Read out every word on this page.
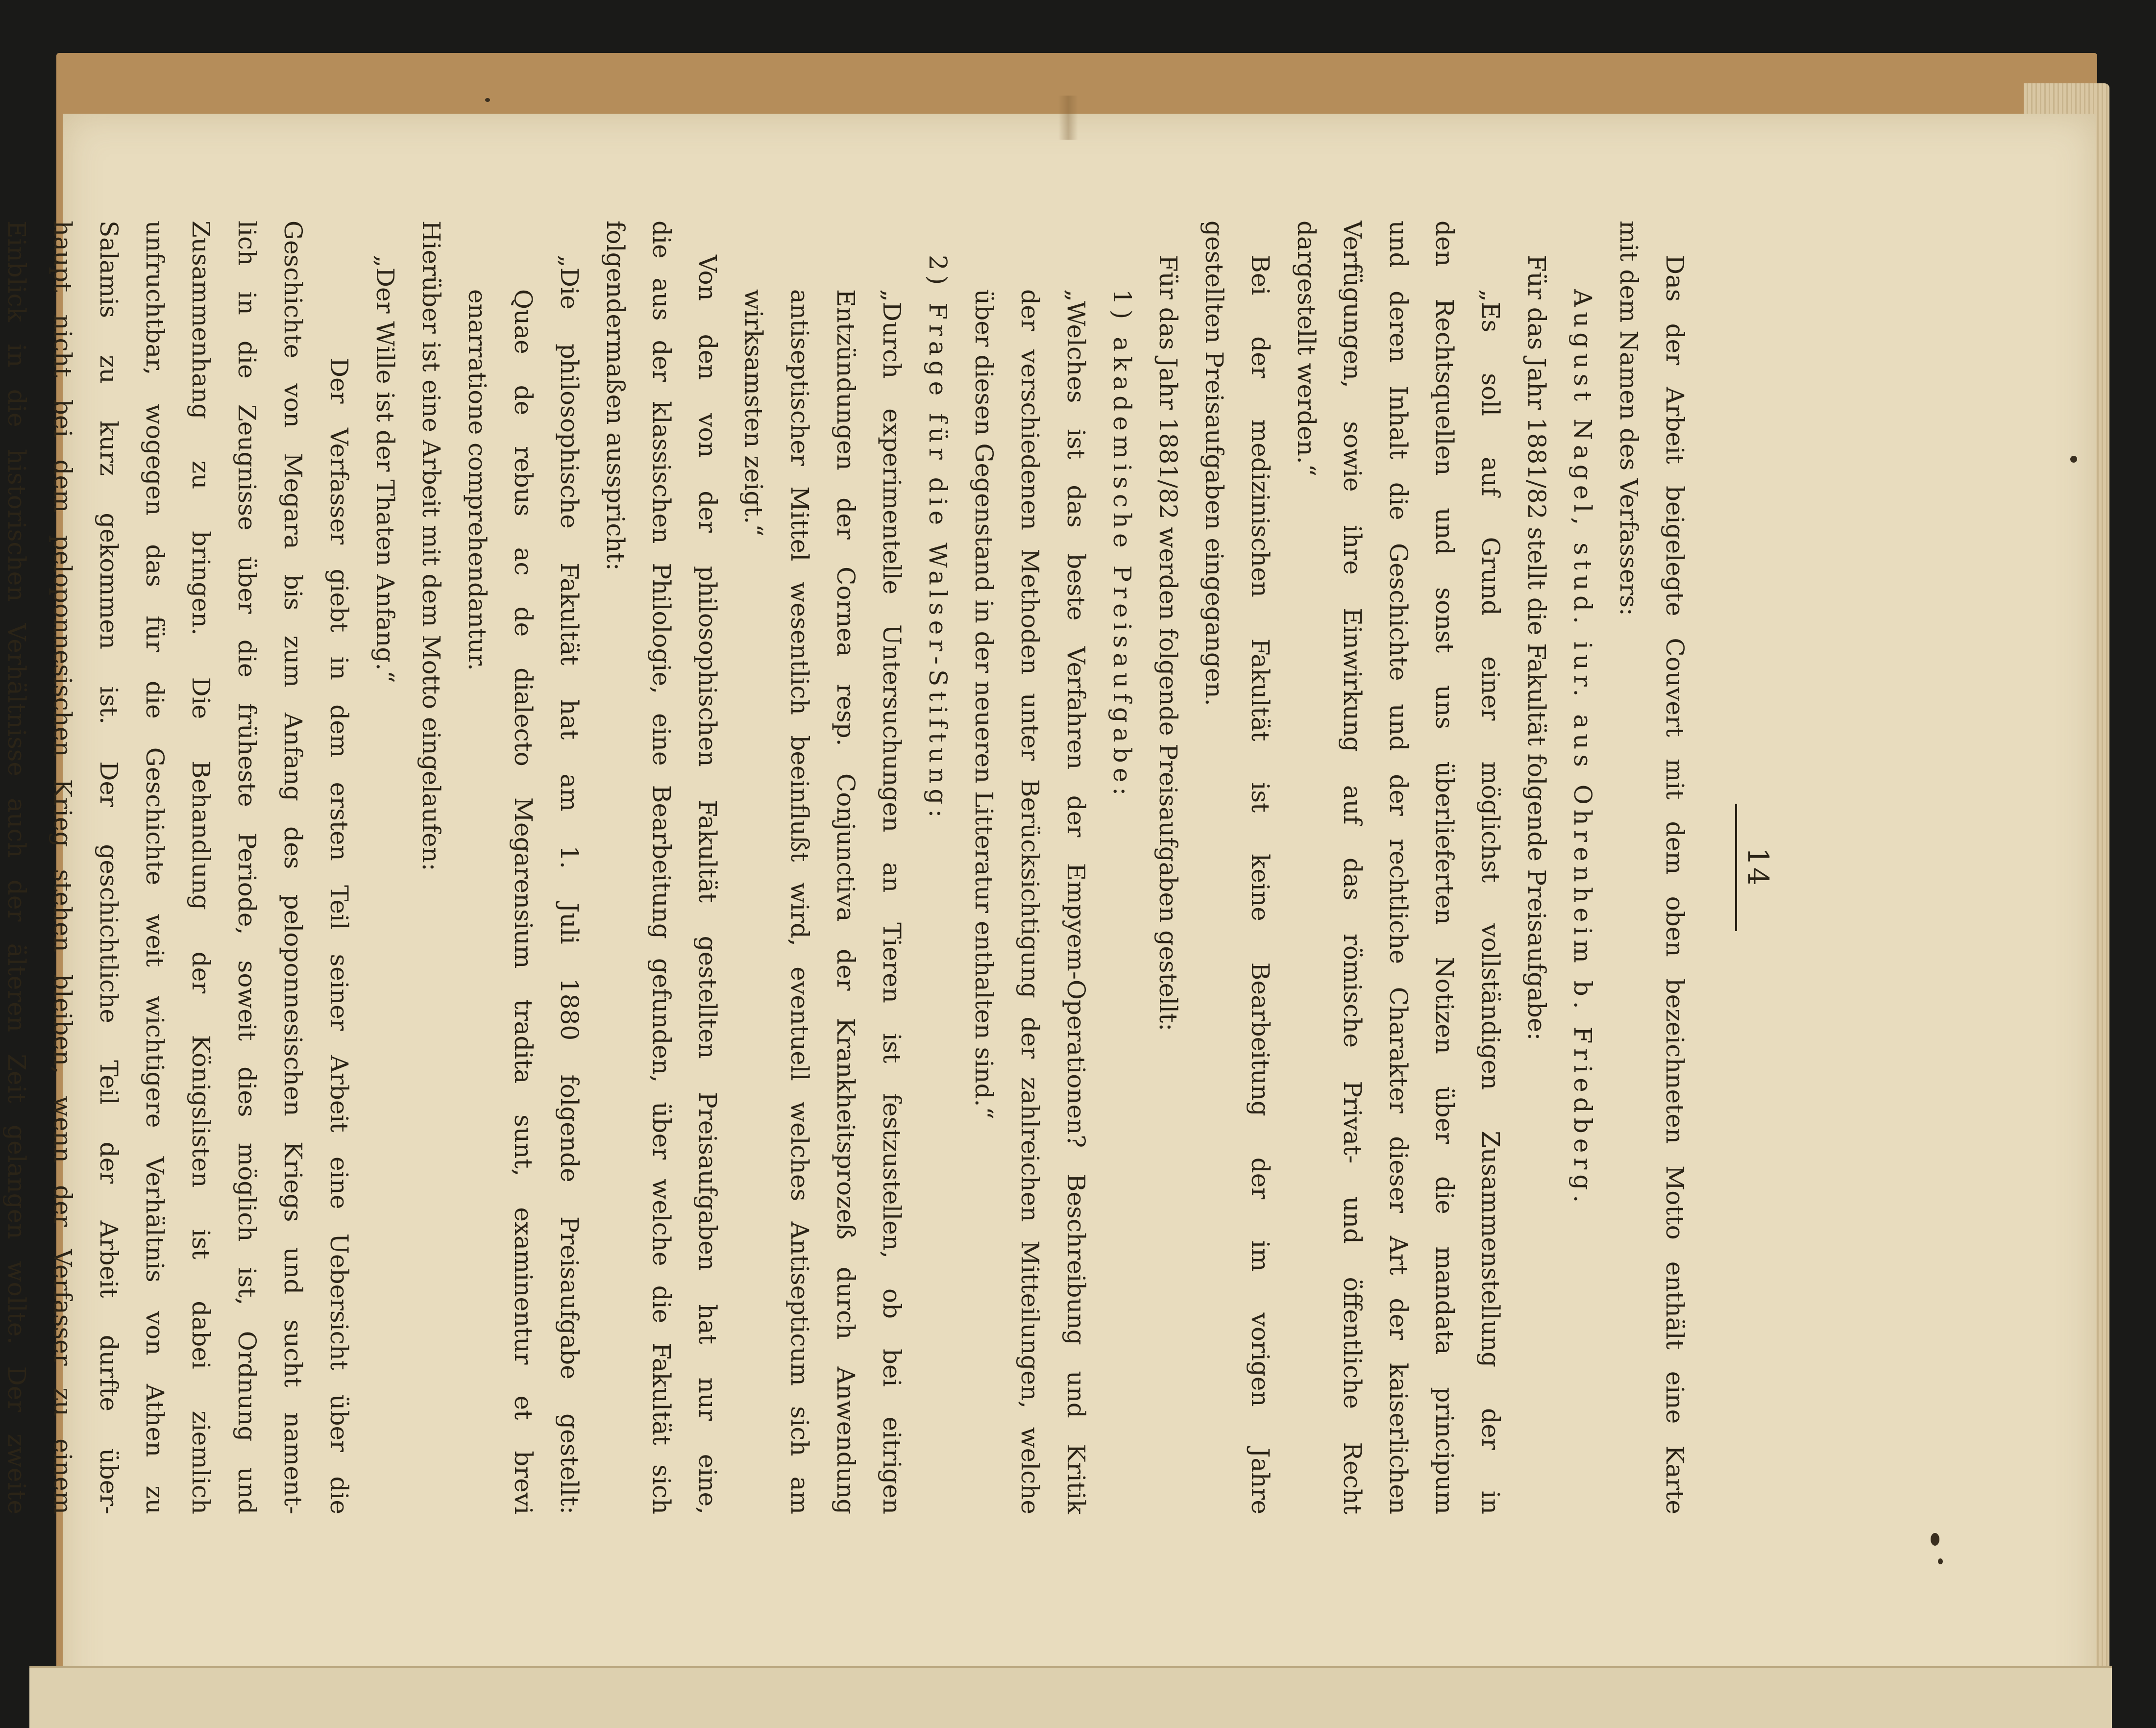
14
Das der Arbeit beigelegte Couvert mit dem oben bezeichneten Motto enthält eine Karte
mit dem Namen des Verfassers:
August Nagel, stud. iur. aus Ohrenheim b. Friedberg.
Für das Jahr 1881/82 stellt die Fakultät folgende Preisaufgabe:
„Es soll auf Grund einer möglichst vollständigen Zusammenstellung der in
den Rechtsquellen und sonst uns überlieferten Notizen über die mandata principum
und deren Inhalt die Geschichte und der rechtliche Charakter dieser Art der kaiserlichen
Verfügungen, sowie ihre Einwirkung auf das römische Privat- und öffentliche Recht
dargestellt werden.“
Bei der medizinischen Fakultät ist keine Bearbeitung der im vorigen Jahre
gestellten Preisaufgaben eingegangen.
Für das Jahr 1881/82 werden folgende Preisaufgaben gestellt:
1) akademische Preisaufgabe:
„Welches ist das beste Verfahren der Empyem-Operationen? Beschreibung und Kritik
der verschiedenen Methoden unter Berücksichtigung der zahlreichen Mitteilungen, welche
über diesen Gegenstand in der neueren Litteratur enthalten sind.“
2) Frage für die Walser-Stiftung:
„Durch experimentelle Untersuchungen an Tieren ist festzustellen, ob bei eitrigen
Entzündungen der Cornea resp. Conjunctiva der Krankheitsprozeß durch Anwendung
antiseptischer Mittel wesentlich beeinflußt wird, eventuell welches Antisepticum sich am
wirksamsten zeigt.“
Von den von der philosophischen Fakultät gestellten Preisaufgaben hat nur eine,
die aus der klassischen Philologie, eine Bearbeitung gefunden, über welche die Fakultät sich
folgendermaßen ausspricht:
„Die philosophische Fakultät hat am 1. Juli 1880 folgende Preisaufgabe gestellt:
Quae de rebus ac de dialecto Megarensium tradita sunt, examinentur et brevi
enarratione comprehendantur.
Hierüber ist eine Arbeit mit dem Motto eingelaufen:
„Der Wille ist der Thaten Anfang.“
Der Verfasser giebt in dem ersten Teil seiner Arbeit eine Uebersicht über die
Geschichte von Megara bis zum Anfang des peloponnesischen Kriegs und sucht nament-
lich in die Zeugnisse über die früheste Periode, soweit dies möglich ist, Ordnung und
Zusammenhang zu bringen. Die Behandlung der Königslisten ist dabei ziemlich
unfruchtbar, wogegen das für die Geschichte weit wichtigere Verhältnis von Athen zu
Salamis zu kurz gekommen ist. Der geschichtliche Teil der Arbeit durfte über-
haupt nicht bei dem peloponnesischen Krieg stehen bleiben, wenn der Verfasser zu einem
Einblick in die historischen Verhältnisse auch der älteren Zeit gelangen wollte. Der zweite
